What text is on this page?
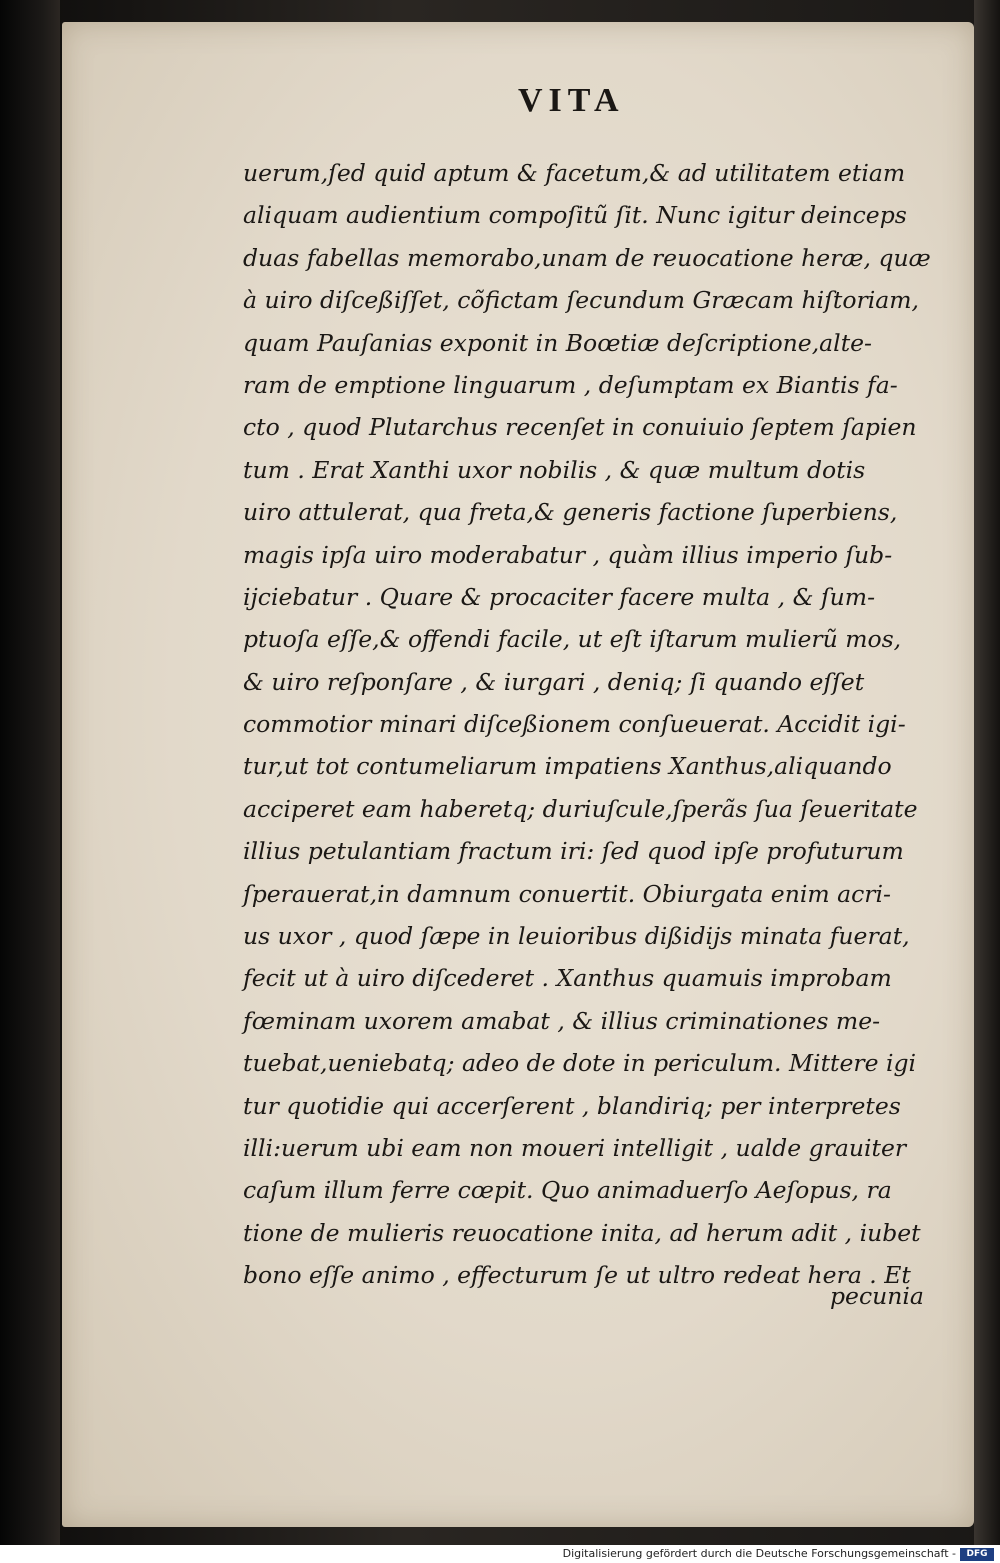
VITA
uerum,ſed quid aptum & facetum,& ad utilitatem etiam
aliquam audientium compoſitũ ſit. Nunc igitur deinceps
duas fabellas memorabo,unam de reuocatione heræ, quæ
à uiro diſceßiſſet, cõfictam ſecundum Græcam hiſtoriam,
quam Pauſanias exponit in Boœtiæ deſcriptione,alte-
ram de emptione linguarum , deſumptam ex Biantis fa-
cto , quod Plutarchus recenſet in conuiuio ſeptem ſapien
tum . Erat Xanthi uxor nobilis , & quæ multum dotis
uiro attulerat, qua freta,& generis factione ſuperbiens,
magis ipſa uiro moderabatur , quàm illius imperio ſub-
ijciebatur . Quare & procaciter facere multa , & ſum-
ptuoſa eſſe,& offendi facile, ut eſt iſtarum mulierũ mos,
& uiro reſponſare , & iurgari , deniq; ſi quando eſſet
commotior minari diſceßionem conſueuerat. Accidit igi-
tur,ut tot contumeliarum impatiens Xanthus,aliquando
acciperet eam haberetq; duriuſcule,ſperãs ſua ſeueritate
illius petulantiam fractum iri: ſed quod ipſe profuturum
ſperauerat,in damnum conuertit. Obiurgata enim acri-
us uxor , quod ſæpe in leuioribus dißidijs minata fuerat,
fecit ut à uiro diſcederet . Xanthus quamuis improbam
fœminam uxorem amabat , & illius criminationes me-
tuebat,ueniebatq; adeo de dote in periculum. Mittere igi
tur quotidie qui accerſerent , blandiriq; per interpretes
illi:uerum ubi eam non moueri intelligit , ualde grauiter
caſum illum ferre cœpit. Quo animaduerſo Aeſopus, ra
tione de mulieris reuocatione inita, ad herum adit , iubet
bono eſſe animo , effecturum ſe ut ultro redeat hera . Et
pecunia
Digitalisierung gefördert durch die Deutsche Forschungsgemeinschaft -	DFG
